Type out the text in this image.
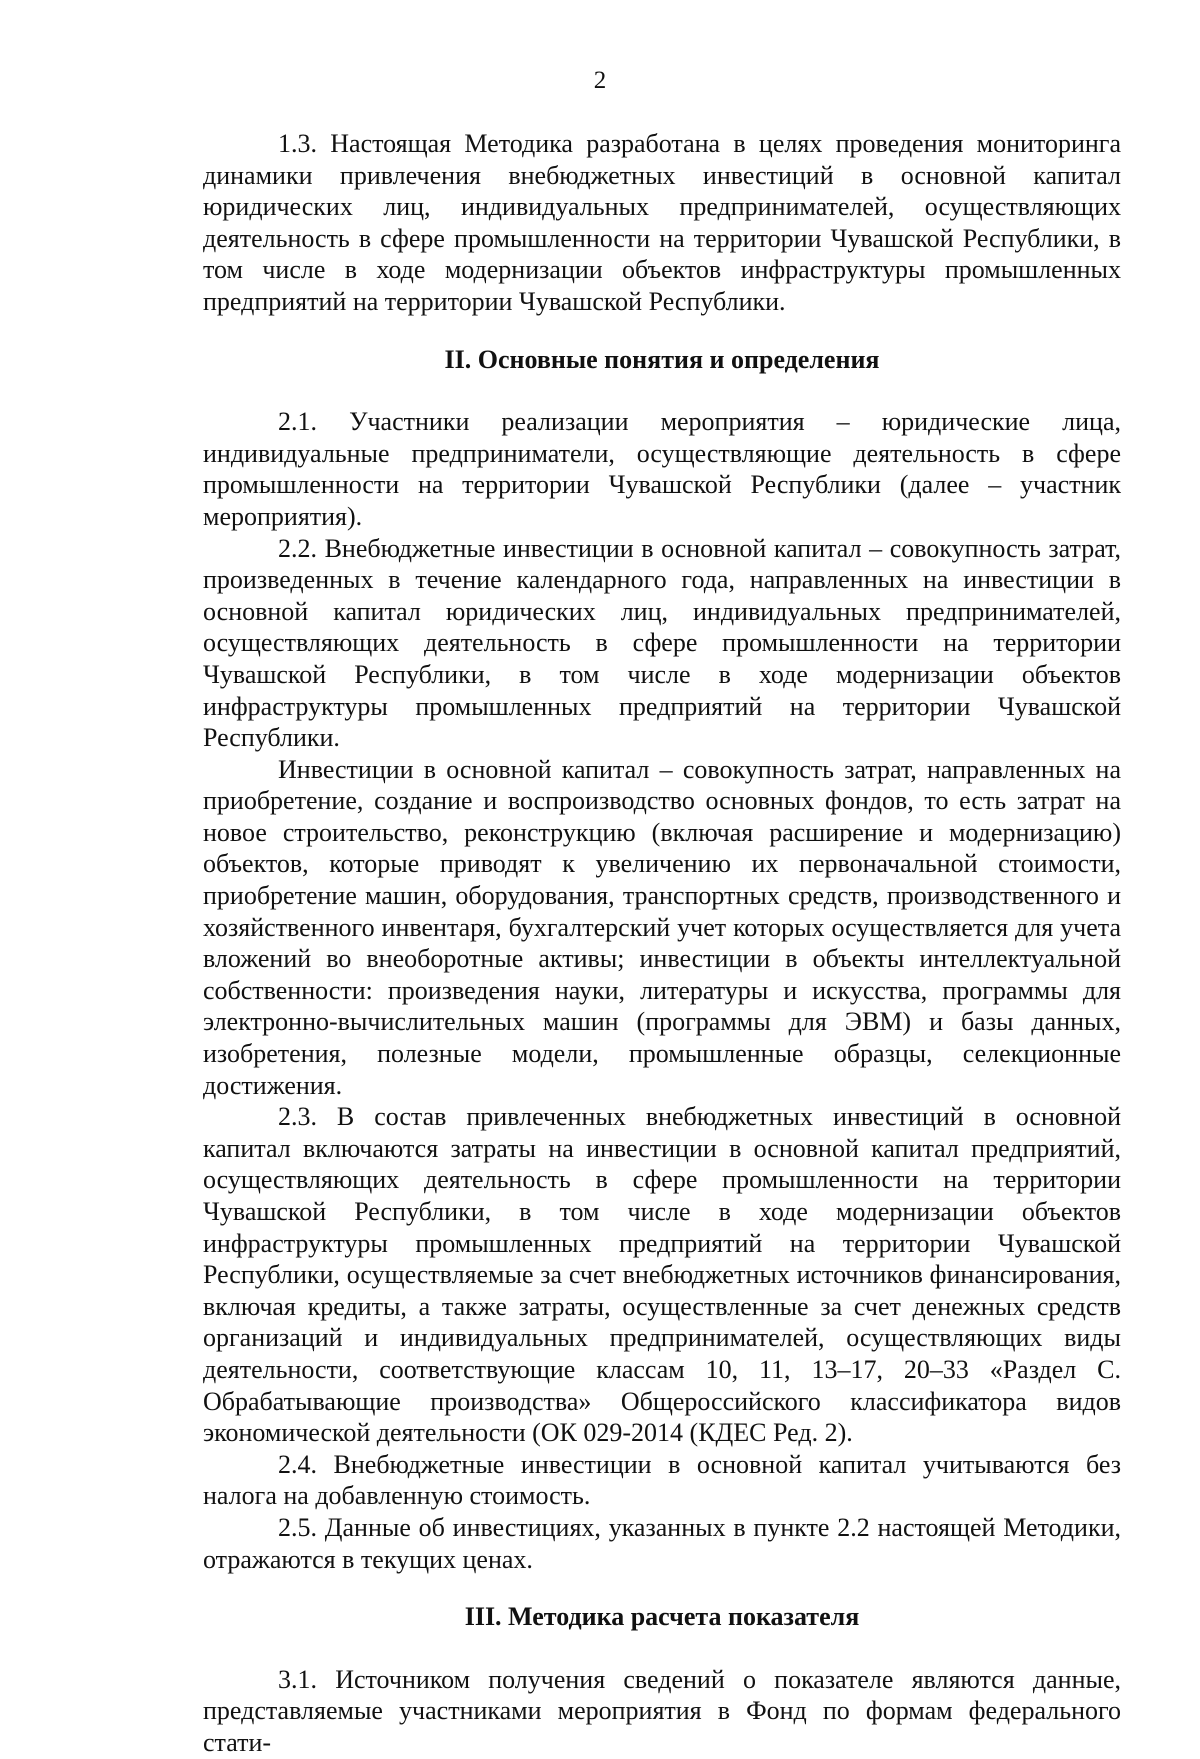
2

1.3. Настоящая Методика разработана в целях проведения мониторинга динамики привлечения внебюджетных инвестиций в основной капитал юридических лиц, индивидуальных предпринимателей, осуществляющих деятельность в сфере промышленности на территории Чувашской Республики, в том числе в ходе модернизации объектов инфраструктуры промышленных предприятий на территории Чувашской Республики.

II. Основные понятия и определения

2.1. Участники реализации мероприятия – юридические лица, индивидуальные предприниматели, осуществляющие деятельность в сфере промышленности на территории Чувашской Республики (далее – участник мероприятия).

2.2. Внебюджетные инвестиции в основной капитал – совокупность затрат, произведенных в течение календарного года, направленных на инвестиции в основной капитал юридических лиц, индивидуальных предпринимателей, осуществляющих деятельность в сфере промышленности на территории Чувашской Республики, в том числе в ходе модернизации объектов инфраструктуры промышленных предприятий на территории Чувашской Республики.

Инвестиции в основной капитал – совокупность затрат, направленных на приобретение, создание и воспроизводство основных фондов, то есть затрат на новое строительство, реконструкцию (включая расширение и модернизацию) объектов, которые приводят к увеличению их первоначальной стоимости, приобретение машин, оборудования, транспортных средств, производственного и хозяйственного инвентаря, бухгалтерский учет которых осуществляется для учета вложений во внеоборотные активы; инвестиции в объекты интеллектуальной собственности: произведения науки, литературы и искусства, программы для электронно-вычислительных машин (программы для ЭВМ) и базы данных, изобретения, полезные модели, промышленные образцы, селекционные достижения.

2.3. В состав привлеченных внебюджетных инвестиций в основной капитал включаются затраты на инвестиции в основной капитал предприятий, осуществляющих деятельность в сфере промышленности на территории Чувашской Республики, в том числе в ходе модернизации объектов инфраструктуры промышленных предприятий на территории Чувашской Республики, осуществляемые за счет внебюджетных источников финансирования, включая кредиты, а также затраты, осуществленные за счет денежных средств организаций и индивидуальных предпринимателей, осуществляющих виды деятельности, соответствующие классам 10, 11, 13–17, 20–33 «Раздел С. Обрабатывающие производства» Общероссийского классификатора видов экономической деятельности (ОК 029-2014 (КДЕС Ред. 2).

2.4. Внебюджетные инвестиции в основной капитал учитываются без налога на добавленную стоимость.

2.5. Данные об инвестициях, указанных в пункте 2.2 настоящей Методики, отражаются в текущих ценах.

III. Методика расчета показателя

3.1. Источником получения сведений о показателе являются данные, представляемые участниками мероприятия в Фонд по формам федерального стати-
